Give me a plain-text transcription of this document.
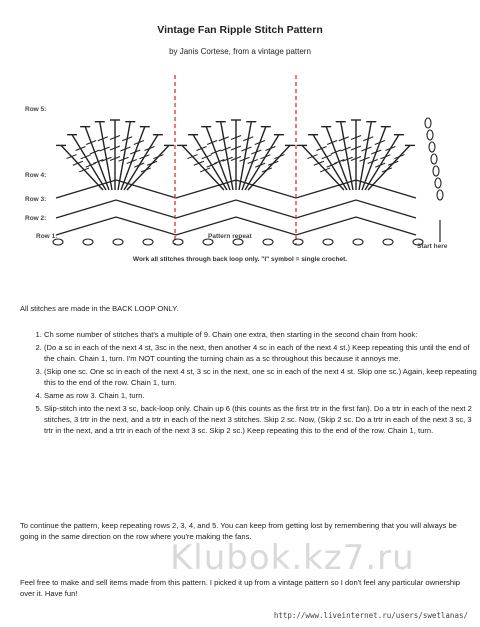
Vintage Fan Ripple Stitch Pattern
by Janis Cortese, from a vintage pattern
Row 5:
Row 4:
Row 3:
Row 2:
Row 1:	Pattern repeat
Start here
Work all stitches through back loop only. "I" symbol = single crochet.
All stitches are made in the BACK LOOP ONLY.
1. Ch some number of stitches that's a multiple of 9. Chain one extra, then starting in the second chain from hook:
2. (Do a sc in each of the next 4 st, 3sc in the next, then another 4 sc in each of the next 4 st.) Keep repeating this until the end of the chain. Chain 1, turn. I'm NOT counting the turning chain as a sc throughout this because it annoys me.
3. (Skip one sc. One sc in each of the next 4 st, 3 sc in the next, one sc in each of the next 4 st. Skip one sc.) Again, keep repeating this to the end of the row. Chain 1, turn.
4. Same as row 3. Chain 1, turn.
5. Slip-stitch into the next 3 sc, back-loop only. Chain up 6 (this counts as the first trtr in the first fan). Do a trtr in each of the next 2 stitches, 3 trtr in the next, and a trtr in each of the next 3 stitches. Skip 2 sc. Now, (Skip 2 sc. Do a trtr in each of the next 3 sc, 3 trtr in the next, and a trtr in each of the next 3 sc. Skip 2 sc.) Keep repeating this to the end of the row. Chain 1, turn.
To continue the pattern, keep repeating rows 2, 3, 4, and 5. You can keep from getting lost by remembering that you will always be going in the same direction on the row where you're making the fans.
Klubok.kz7.ru
Feel free to make and sell items made from this pattern. I picked it up from a vintage pattern so I don't feel any particular ownership over it. Have fun!
http://www.liveinternet.ru/users/swetlanas/
